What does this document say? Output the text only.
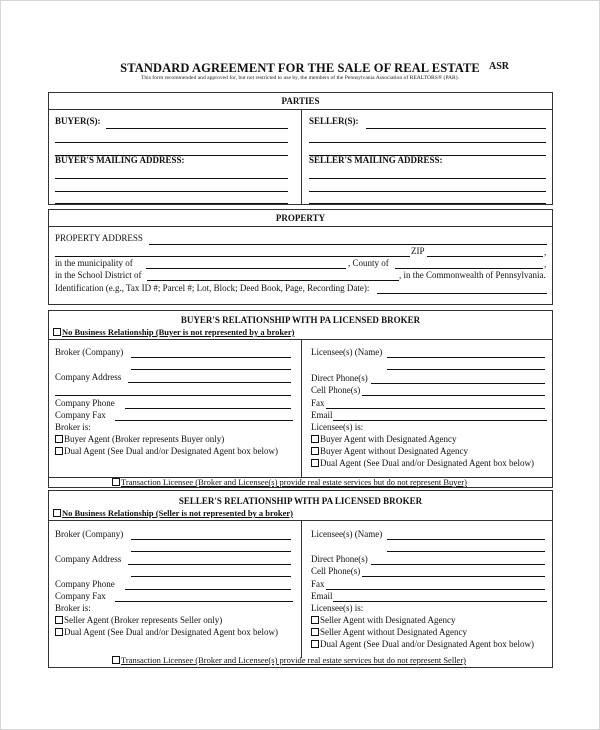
STANDARD AGREEMENT FOR THE SALE OF REAL ESTATE ASR
This form recommended and approved for, but not restricted to use by, the members of the Pennsylvania Association of REALTORS® (PAR).
PARTIES
BUYER(S):
BUYER'S MAILING ADDRESS:
SELLER(S):
SELLER'S MAILING ADDRESS:
PROPERTY
PROPERTY ADDRESS
ZIP	,
in the municipality of	, County of	,
in the School District of	, in the Commonwealth of Pennsylvania.
Identification (e.g., Tax ID #; Parcel #; Lot, Block; Deed Book, Page, Recording Date):
BUYER'S RELATIONSHIP WITH PA LICENSED BROKER
No Business Relationship (Buyer is not represented by a broker)
Broker (Company)
Company Address
Company Phone
Company Fax
Broker is:
Buyer Agent (Broker represents Buyer only)
Dual Agent (See Dual and/or Designated Agent box below)
Licensee(s) (Name)
Direct Phone(s)
Cell Phone(s)
Fax
Email
Licensee(s) is:
Buyer Agent with Designated Agency
Buyer Agent without Designated Agency
Dual Agent (See Dual and/or Designated Agent box below)
Transaction Licensee (Broker and Licensee(s) provide real estate services but do not represent Buyer)
SELLER'S RELATIONSHIP WITH PA LICENSED BROKER
No Business Relationship (Seller is not represented by a broker)
Broker (Company)
Company Address
Company Phone
Company Fax
Broker is:
Seller Agent (Broker represents Seller only)
Dual Agent (See Dual and/or Designated Agent box below)
Licensee(s) (Name)
Direct Phone(s)
Cell Phone(s)
Fax
Email
Licensee(s) is:
Seller Agent with Designated Agency
Seller Agent without Designated Agency
Dual Agent (See Dual and/or Designated Agent box below)
Transaction Licensee (Broker and Licensee(s) provide real estate services but do not represent Seller)
